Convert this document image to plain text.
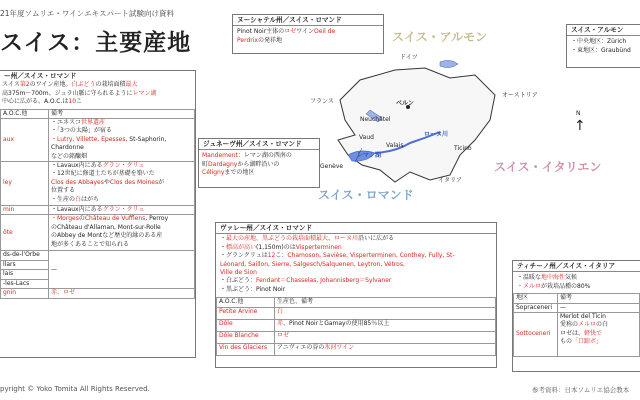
21年度ソムリエ・ワインエキスパート試験向け資料
スイス：主要産地
ドイツ
オーストリア
フランス
イタリア
ベルン
Neuchâtel
Vaud
Genève
Valais	Ticino
レマン湖
ローヌ川
↑
N
スイス・アルモン
スイス・ロマンド
スイス・イタリエン
ー州／スイス・ロマンド
スイス第2のワイン産地。白ぶどうの栽培面積最大
高375m〜700m。ジュラ山脈に守られるようにレマン湖
中心に広がる。A.O.C.は10こ
A.O.C.他	備考
aux	・ユネスコ世界遺産
・「3つの太陽」が宿る
・Lutry, Villette, Epesses, St-Saphorin, Chardonne
などの銘醸畑

ley	・Lavaux内にあるグラン・クリュ
・12世紀に修道士たちが基礎を築いた
Clos des AbbayesやClos des Moinesが
位置する
・生産の白はがち

min	・Lavaux内にあるグラン・クリュ
ôte	・MorgesのChâteau de Vufflens, Perroy
のChâteau d'Allaman, Mont-sur-Rolle
のAbbey de Montなど歴史的縁のある産
地が多くあることで知られる

ds-de-l'Orbe	—
llars	
lais	
-les-Lacs	
gnin	赤、ロゼ
ヌーシャテル州／スイス・ロマンド
Pinot Noir主体のロゼワインOeil de
Perdrixの発祥地
スイス・アルモン
・中央地区：Zürich
・東地区：Graubünd
ジュネーヴ州／スイス・ロマンド
Mandement：レマン湖の西南の
町Dardagnyから湖畔沿いの
Célignyまでの地区
ヴァレー州／スイス・ロマンド
・最大の産地、黒ぶどうの栽培面積最大、ローヌ川沿いに広がる
・標高が高い(1,150m)のはVisperterminen
・グランクリュは12こ：Chamoson, Savièse, Visperterminen, Conthey, Fully, St-
Léonard, Saillon, Sierre, Salgesch/Salquenen, Leytron, Vétros,
Ville de Sion
・白ぶどう：Fendant＝Chasselas, Johannisberg＝Sylvaner
・黒ぶどう：Pinot Noir
A.O.C.他	生産色、備考
Petite Arvine	白
Dôle	赤、Pinot NoirとGamayの使用85％以上
Dôle Blanche	ロゼ
Vin des Glaciers	アニヴィエの谷の氷河ワイン
ティチーノ州／スイス・イタリア
・温暖な地中海性気候
・メルロが栽培品種の80%
地区	備考
Sopraceneri	—
Sottoceneri	Merlot del Ticin
愛称のメルロの白
ロゼは、軽快で
もの「口蹄ボ」
pyright © Yoko Tomita All Rights Reserved.	参考資料：日本ソムリエ協会教本
